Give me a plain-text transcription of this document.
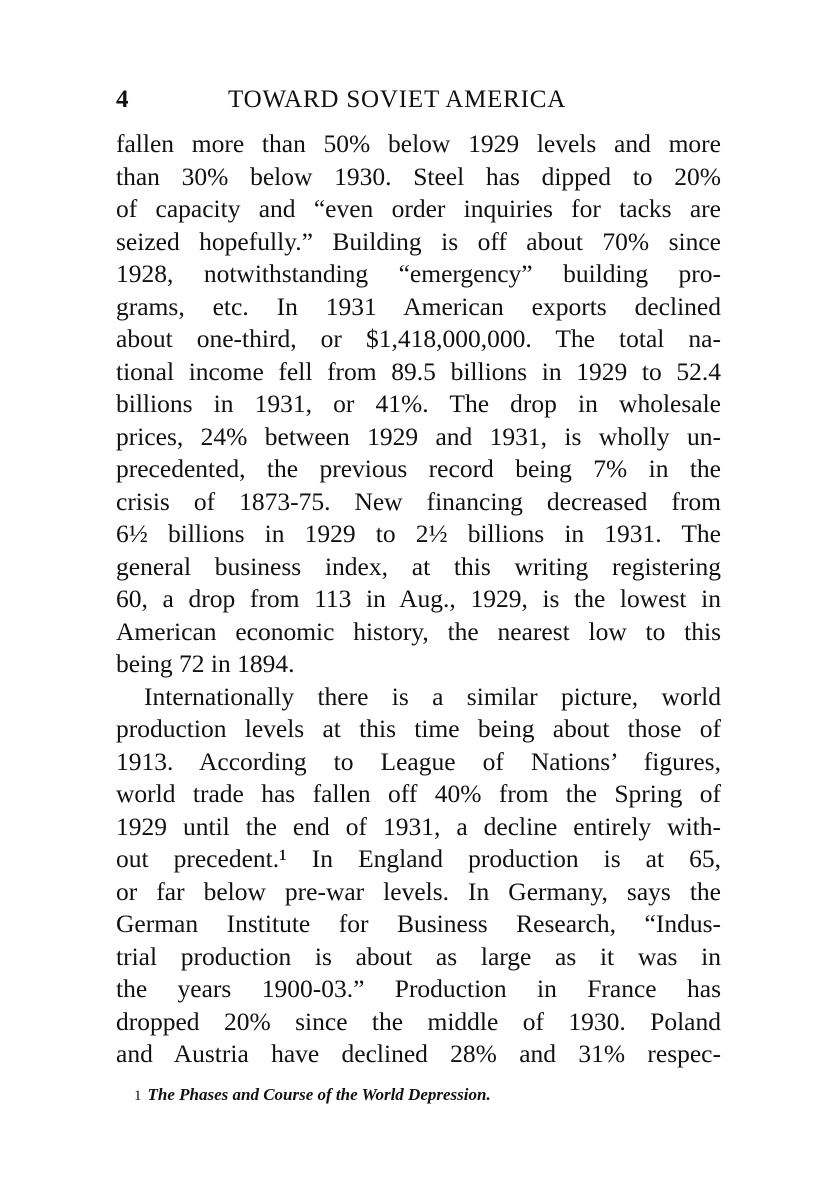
4	TOWARD SOVIET AMERICA
fallen more than 50% below 1929 levels and more
than 30% below 1930. Steel has dipped to 20%
of capacity and “even order inquiries for tacks are
seized hopefully.” Building is off about 70% since
1928, notwithstanding “emergency” building pro-
grams, etc. In 1931 American exports declined
about one-third, or $1,418,000,000. The total na-
tional income fell from 89.5 billions in 1929 to 52.4
billions in 1931, or 41%. The drop in wholesale
prices, 24% between 1929 and 1931, is wholly un-
precedented, the previous record being 7% in the
crisis of 1873-75. New financing decreased from
6½ billions in 1929 to 2½ billions in 1931. The
general business index, at this writing registering
60, a drop from 113 in Aug., 1929, is the lowest in
American economic history, the nearest low to this
being 72 in 1894.
Internationally there is a similar picture, world
production levels at this time being about those of
1913. According to League of Nations’ figures,
world trade has fallen off 40% from the Spring of
1929 until the end of 1931, a decline entirely with-
out precedent.¹ In England production is at 65,
or far below pre-war levels. In Germany, says the
German Institute for Business Research, “Indus-
trial production is about as large as it was in
the years 1900-03.” Production in France has
dropped 20% since the middle of 1930. Poland
and Austria have declined 28% and 31% respec-
1 The Phases and Course of the World Depression.
